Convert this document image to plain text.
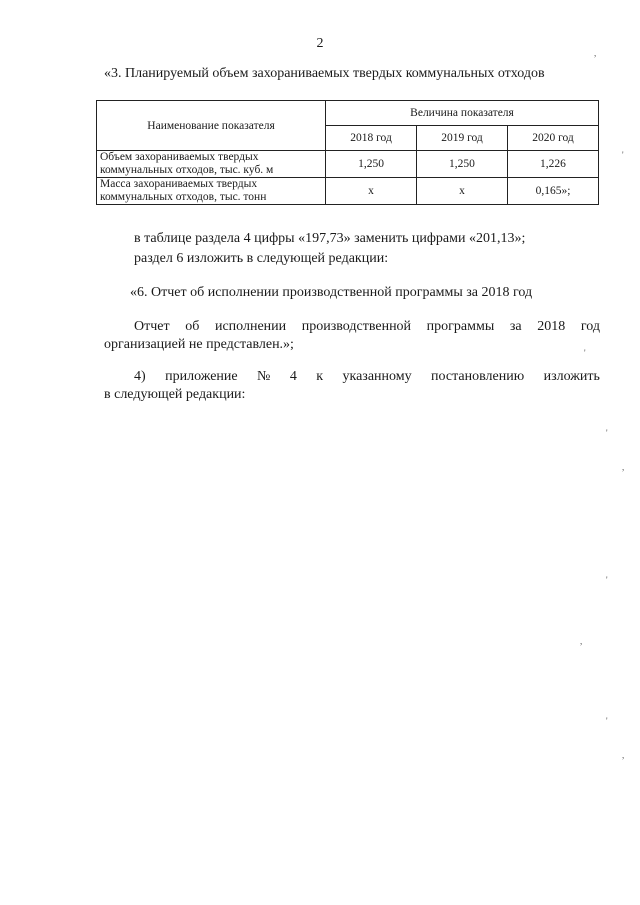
2
«3. Планируемый объем захораниваемых твердых коммунальных отходов
Наименование показателя	Величина показателя		
	2018 год	2019 год	2020 год

Объем захораниваемых твердых
коммунальных отходов, тыс. куб. м	1,250	1,250	1,226

Масса захораниваемых твердых
коммунальных отходов, тыс. тонн	х	х	0,165»;

в таблице раздела 4 цифры «197,73» заменить цифрами «201,13»;

раздел 6 изложить в следующей редакции:

«6. Отчет об исполнении производственной программы за 2018 год

Отчет об исполнении производственной программы за 2018 год

организацией не представлен.»;

4) приложение № 4 к указанному постановлению изложить

в следующей редакции:

,
'
'
'
,
'
,
'
,
